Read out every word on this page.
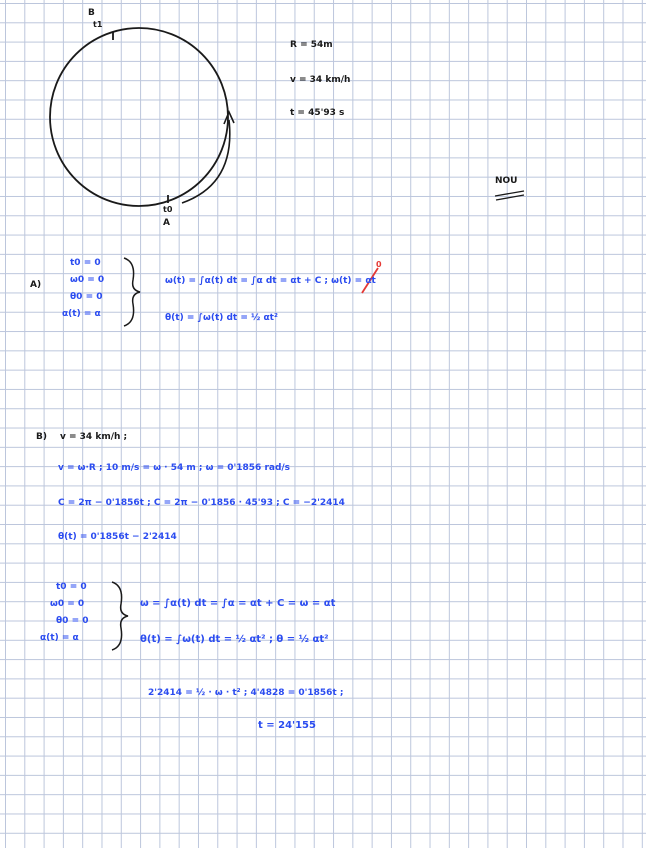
B
t1
t0
A
R = 54m
v = 34 km/h
t = 45'93 s
NOU
A)
t0 = 0
ω0 = 0
θ0 = 0
α(t) = α
ω(t) = ∫α(t) dt = ∫α dt = αt + C ; ω(t) = αt
0
θ(t) = ∫ω(t) dt = ½ αt²
B) v = 34 km/h ;
v = ω·R ; 10 m/s = ω · 54 m ; ω = 0'1856 rad/s
C = 2π − 0'1856t ; C = 2π − 0'1856 · 45'93 ; C = −2'2414
θ(t) = 0'1856t − 2'2414
t0 = 0
ω0 = 0
θ0 = 0
α(t) = α
ω = ∫α(t) dt = ∫α = αt + C = ω = αt
θ(t) = ∫ω(t) dt = ½ αt² ; θ = ½ αt²
2'2414 = ½ · ω · t² ; 4'4828 = 0'1856t ;
t = 24'155
